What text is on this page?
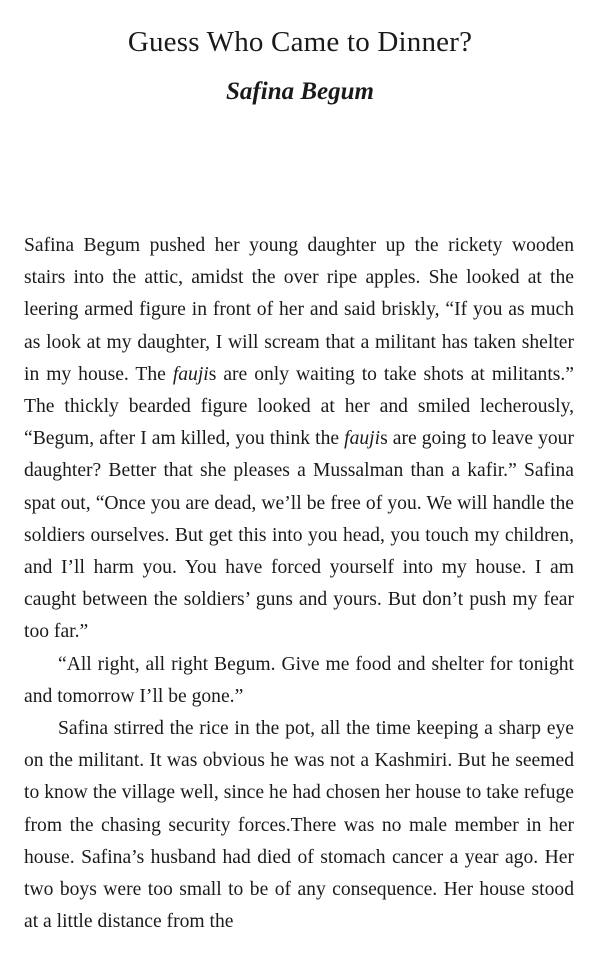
Guess Who Came to Dinner?
Safina Begum

Safina Begum pushed her young daughter up the rickety wooden stairs into the attic, amidst the over ripe apples. She looked at the leering armed figure in front of her and said briskly, “If you as much as look at my daughter, I will scream that a militant has taken shelter in my house. The faujis are only waiting to take shots at militants.” The thickly bearded figure looked at her and smiled lecherously, “Begum, after I am killed, you think the faujis are going to leave your daughter? Better that she pleases a Mussalman than a kafir.” Safina spat out, “Once you are dead, we’ll be free of you. We will handle the soldiers ourselves. But get this into you head, you touch my children, and I’ll harm you. You have forced yourself into my house. I am caught between the soldiers’ guns and yours. But don’t push my fear too far.”

“All right, all right Begum. Give me food and shelter for tonight and tomorrow I’ll be gone.”

Safina stirred the rice in the pot, all the time keeping a sharp eye on the militant. It was obvious he was not a Kashmiri. But he seemed to know the village well, since he had chosen her house to take refuge from the chasing security forces.There was no male member in her house. Safina’s husband had died of stomach cancer a year ago. Her two boys were too small to be of any consequence. Her house stood at a little distance from the
